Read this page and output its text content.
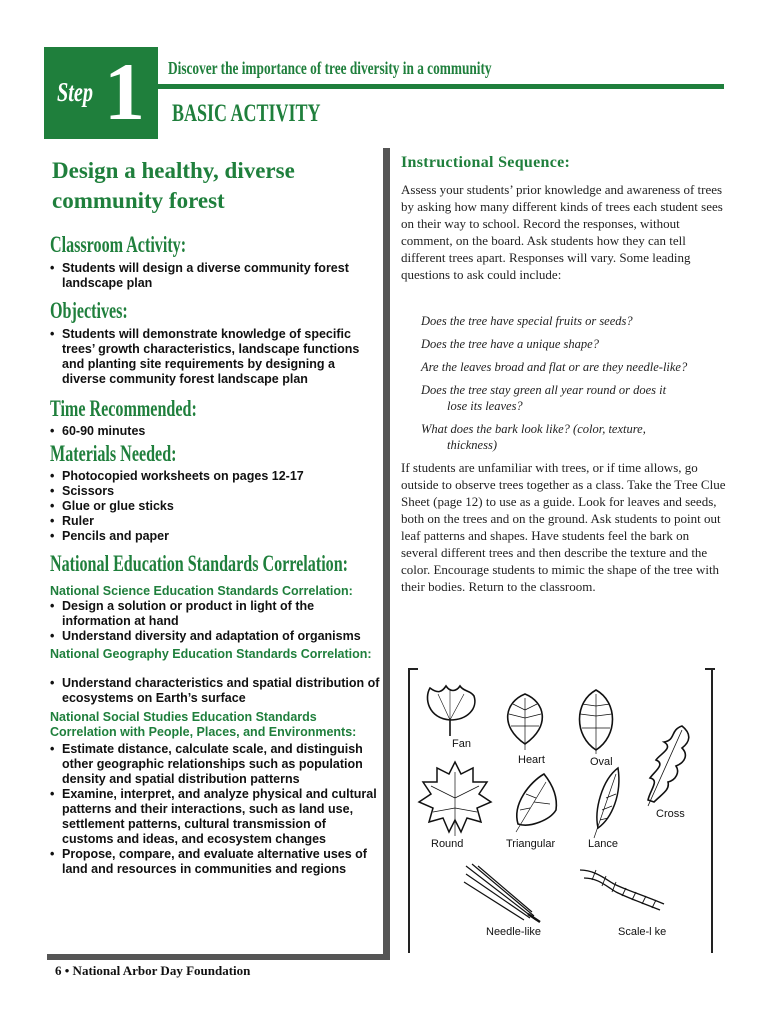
Step 1 Discover the importance of tree diversity in a community
BASIC ACTIVITY
Design a healthy, diverse
community forest
Classroom Activity:
• Students will design a diverse community forest landscape plan
Objectives:
• Students will demonstrate knowledge of specific trees’ growth characteristics, landscape functions and planting site requirements by designing a diverse community forest landscape plan
Time Recommended:
• 60-90 minutes
Materials Needed:
• Photocopied worksheets on pages 12-17
• Scissors
• Glue or glue sticks
• Ruler
• Pencils and paper
National Education Standards Correlation:
National Science Education Standards Correlation:
• Design a solution or product in light of the information at hand
• Understand diversity and adaptation of organisms
National Geography Education Standards Correlation:
• Understand characteristics and spatial distribution of ecosystems on Earth’s surface
National Social Studies Education Standards Correlation with People, Places, and Environments:
• Estimate distance, calculate scale, and distinguish other geographic relationships such as population density and spatial distribution patterns
• Examine, interpret, and analyze physical and cultural patterns and their interactions, such as land use, settlement patterns, cultural transmission of customs and ideas, and ecosystem changes
• Propose, compare, and evaluate alternative uses of land and resources in communities and regions
Instructional Sequence:
Assess your students’ prior knowledge and awareness of trees by asking how many different kinds of trees each student sees on their way to school. Record the responses, without comment, on the board. Ask students how they can tell different trees apart. Responses will vary. Some leading questions to ask could include:
Does the tree have special fruits or seeds?
Does the tree have a unique shape?
Are the leaves broad and flat or are they needle-like?
Does the tree stay green all year round or does it
lose its leaves?
What does the bark look like? (color, texture,
thickness)
If students are unfamiliar with trees, or if time allows, go outside to observe trees together as a class. Take the Tree Clue Sheet (page 12) to use as a guide. Look for leaves and seeds, both on the trees and on the ground. Ask students to point out leaf patterns and shapes. Have students feel the bark on several different trees and then describe the texture and the color. Encourage students to mimic the shape of the tree with their bodies. Return to the classroom.
Fan
Heart	Oval
Cross
Round	Triangular	Lance
Needle-like	Scale-l ke
6 • National Arbor Day Foundation
